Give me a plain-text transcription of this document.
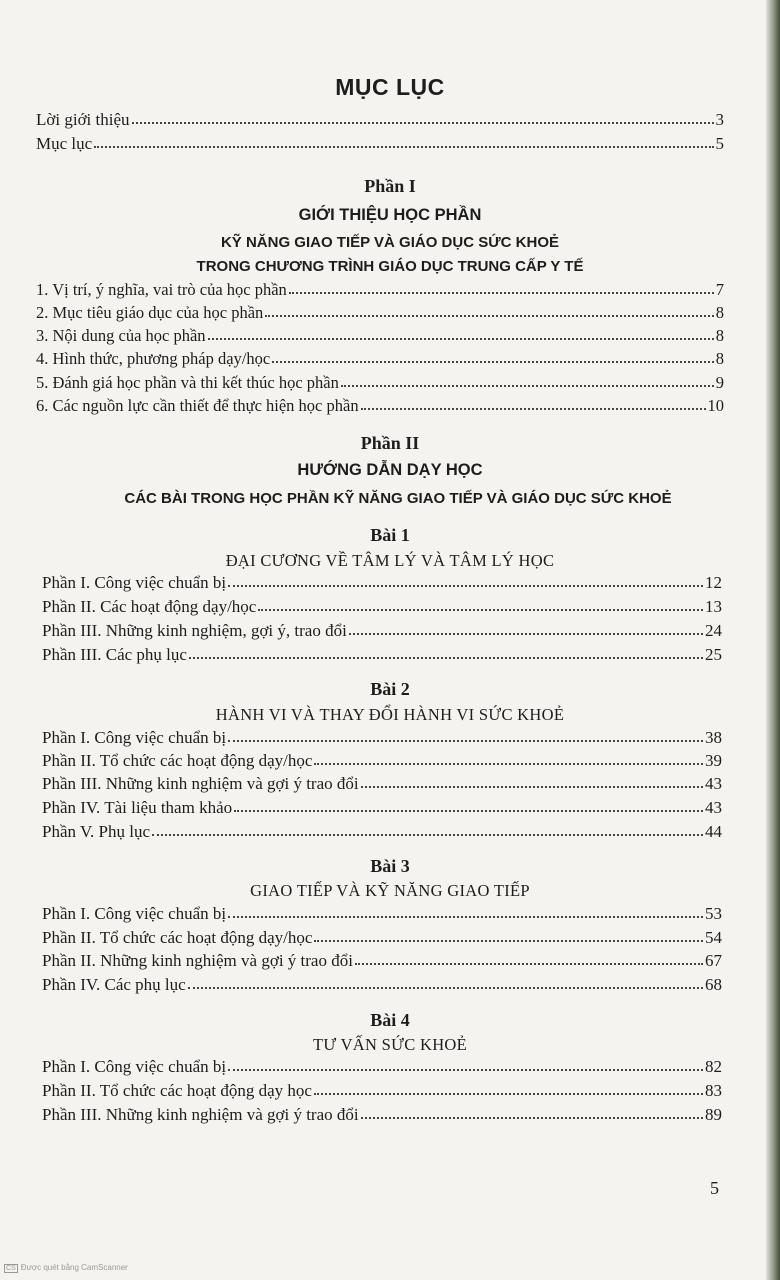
MỤC LỤC
Lời giới thiệu	3
Mục lục	5
Phần I
GIỚI THIỆU HỌC PHẦN
KỸ NĂNG GIAO TIẾP VÀ GIÁO DỤC SỨC KHOẺ
TRONG CHƯƠNG TRÌNH GIÁO DỤC TRUNG CẤP Y TẾ
1. Vị trí, ý nghĩa, vai trò của học phần	7
2. Mục tiêu giáo dục của học phần	8
3. Nội dung của học phần	8
4. Hình thức, phương pháp dạy/học	8
5. Đánh giá học phần và thi kết thúc học phần	9
6. Các nguồn lực cần thiết để thực hiện học phần	10
Phần II
HƯỚNG DẪN DẠY HỌC
CÁC BÀI TRONG HỌC PHẦN KỸ NĂNG GIAO TIẾP VÀ GIÁO DỤC SỨC KHOẺ
Bài 1
ĐẠI CƯƠNG VỀ TÂM LÝ VÀ TÂM LÝ HỌC
Phần I. Công việc chuẩn bị	12
Phần II. Các hoạt động dạy/học	13
Phần III. Những kinh nghiệm, gợi ý, trao đổi	24
Phần III. Các phụ lục	25
Bài 2
HÀNH VI VÀ THAY ĐỔI HÀNH VI SỨC KHOẺ
Phần I. Công việc chuẩn bị	38
Phần II. Tổ chức các hoạt động dạy/học	39
Phần III. Những kinh nghiệm và gợi ý trao đổi	43
Phần IV. Tài liệu tham khảo	43
Phần V. Phụ lục	44
Bài 3
GIAO TIẾP VÀ KỸ NĂNG GIAO TIẾP
Phần I. Công việc chuẩn bị	53
Phần II. Tổ chức các hoạt động dạy/học	54
Phần II. Những kinh nghiệm và gợi ý trao đổi	67
Phần IV. Các phụ lục	68
Bài 4
TƯ VẤN SỨC KHOẺ
Phần I. Công việc chuẩn bị	82
Phần II. Tổ chức các hoạt động dạy học	83
Phần III. Những kinh nghiệm và gợi ý trao đổi	89
5
CS Được quét bằng CamScanner
